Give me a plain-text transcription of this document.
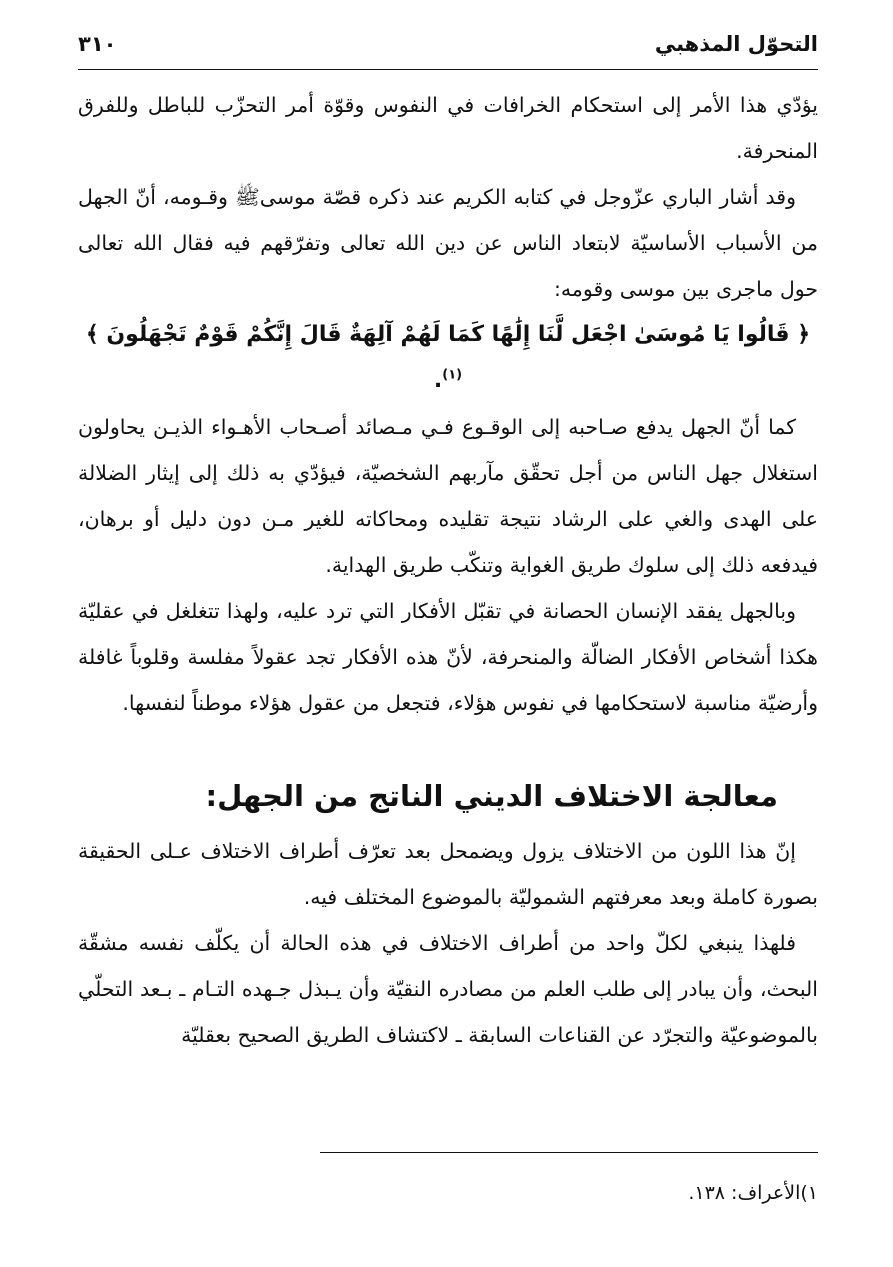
التحوّل المذهبي
٣١٠

يؤدّي هذا الأمر إلى استحكام الخرافات في النفوس وقوّة أمر التحزّب للباطل وللفرق المنحرفة.

وقد أشار الباري عزّوجل في كتابه الكريم عند ذكره قصّة موسى‏ﷺ وقـومه، أنّ الجهل من الأسباب الأساسيّة لابتعاد الناس عن دين الله تعالى وتفرّقهم فيه فقال الله تعالى حول ماجرى بين موسى وقومه:

﴿ قَالُوا يَا مُوسَىٰ اجْعَل لَّنَا إِلَٰهًا كَمَا لَهُمْ آلِهَةٌ قَالَ إِنَّكُمْ قَوْمٌ تَجْهَلُونَ ﴾$^{(١)}$.

كما أنّ الجهل يدفع صـاحبه إلى الوقـوع فـي مـصائد أصـحاب الأهـواء الذيـن يحاولون استغلال جهل الناس من أجل تحقّق مآربهم الشخصيّة، فيؤدّي به ذلك إلى إيثار الضلالة على الهدى والغي على الرشاد نتيجة تقليده ومحاكاته للغير مـن دون دليل أو برهان، فيدفعه ذلك إلى سلوك طريق الغواية وتنكّب طريق الهداية.

وبالجهل يفقد الإنسان الحصانة في تقبّل الأفكار التي ترد عليه، ولهذا تتغلغل في عقليّة هكذا أشخاص الأفكار الضالّة والمنحرفة، لأنّ هذه الأفكار تجد عقولاً مفلسة وقلوباً غافلة وأرضيّة مناسبة لاستحكامها في نفوس هؤلاء، فتجعل من عقول هؤلاء موطناً لنفسها.

معالجة الاختلاف الديني الناتج من الجهل:

إنّ هذا اللون من الاختلاف يزول ويضمحل بعد تعرّف أطراف الاختلاف عـلى الحقيقة بصورة كاملة وبعد معرفتهم الشموليّة بالموضوع المختلف فيه.

فلهذا ينبغي لكلّ واحد من أطراف الاختلاف في هذه الحالة أن يكلّف نفسه مشقّة البحث، وأن يبادر إلى طلب العلم من مصادره النقيّة وأن يـبذل جـهده التـام ـ بـعد التحلّي بالموضوعيّة والتجرّد عن القناعات السابقة ـ لاكتشاف الطريق الصحيح بعقليّة

١)الأعراف: ١٣٨.
